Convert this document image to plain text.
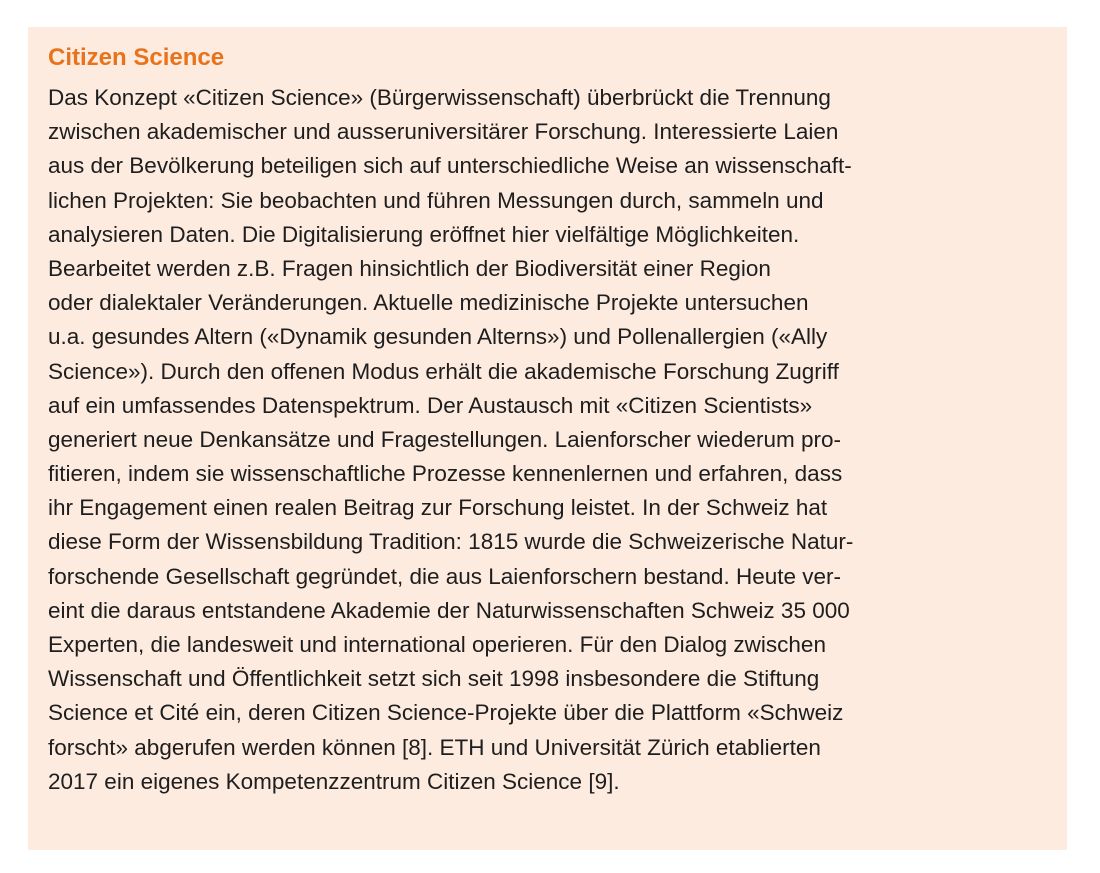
Citizen Science
Das Konzept «Citizen Science» (Bürgerwissenschaft) überbrückt die Trennung
zwischen akademischer und ausseruniversitärer Forschung. Interessierte Laien
aus der Bevölkerung beteiligen sich auf unterschiedliche Weise an wissenschaft-
lichen Projekten: Sie beobachten und führen Messungen durch, sammeln und
analysieren Daten. Die Digitalisierung eröffnet hier vielfältige Möglichkeiten.
Bearbeitet werden z.B. Fragen hinsichtlich der Biodiversität einer Region
oder dialektaler Veränderungen. Aktuelle medizinische Projekte untersuchen
u.a. gesundes Altern («Dynamik gesunden Alterns») und Pollenallergien («Ally
Science»). Durch den offenen Modus erhält die akademische Forschung Zugriff
auf ein umfassendes Datenspektrum. Der Austausch mit «Citizen Scientists»
generiert neue Denkansätze und Fragestellungen. Laienforscher wiederum pro-
fitieren, indem sie wissenschaftliche Prozesse kennenlernen und erfahren, dass
ihr Engagement einen realen Beitrag zur Forschung leistet. In der Schweiz hat
diese Form der Wissensbildung Tradition: 1815 wurde die Schweizerische Natur-
forschende Gesellschaft gegründet, die aus Laienforschern bestand. Heute ver-
eint die daraus entstandene Akademie der Naturwissenschaften Schweiz 35 000
Experten, die landesweit und international operieren. Für den Dialog zwischen
Wissenschaft und Öffentlichkeit setzt sich seit 1998 insbesondere die Stiftung
Science et Cité ein, deren Citizen Science-Projekte über die Plattform «Schweiz
forscht» abgerufen werden können [8]. ETH und Universität Zürich etablierten
2017 ein eigenes Kompetenzzentrum Citizen Science [9].
